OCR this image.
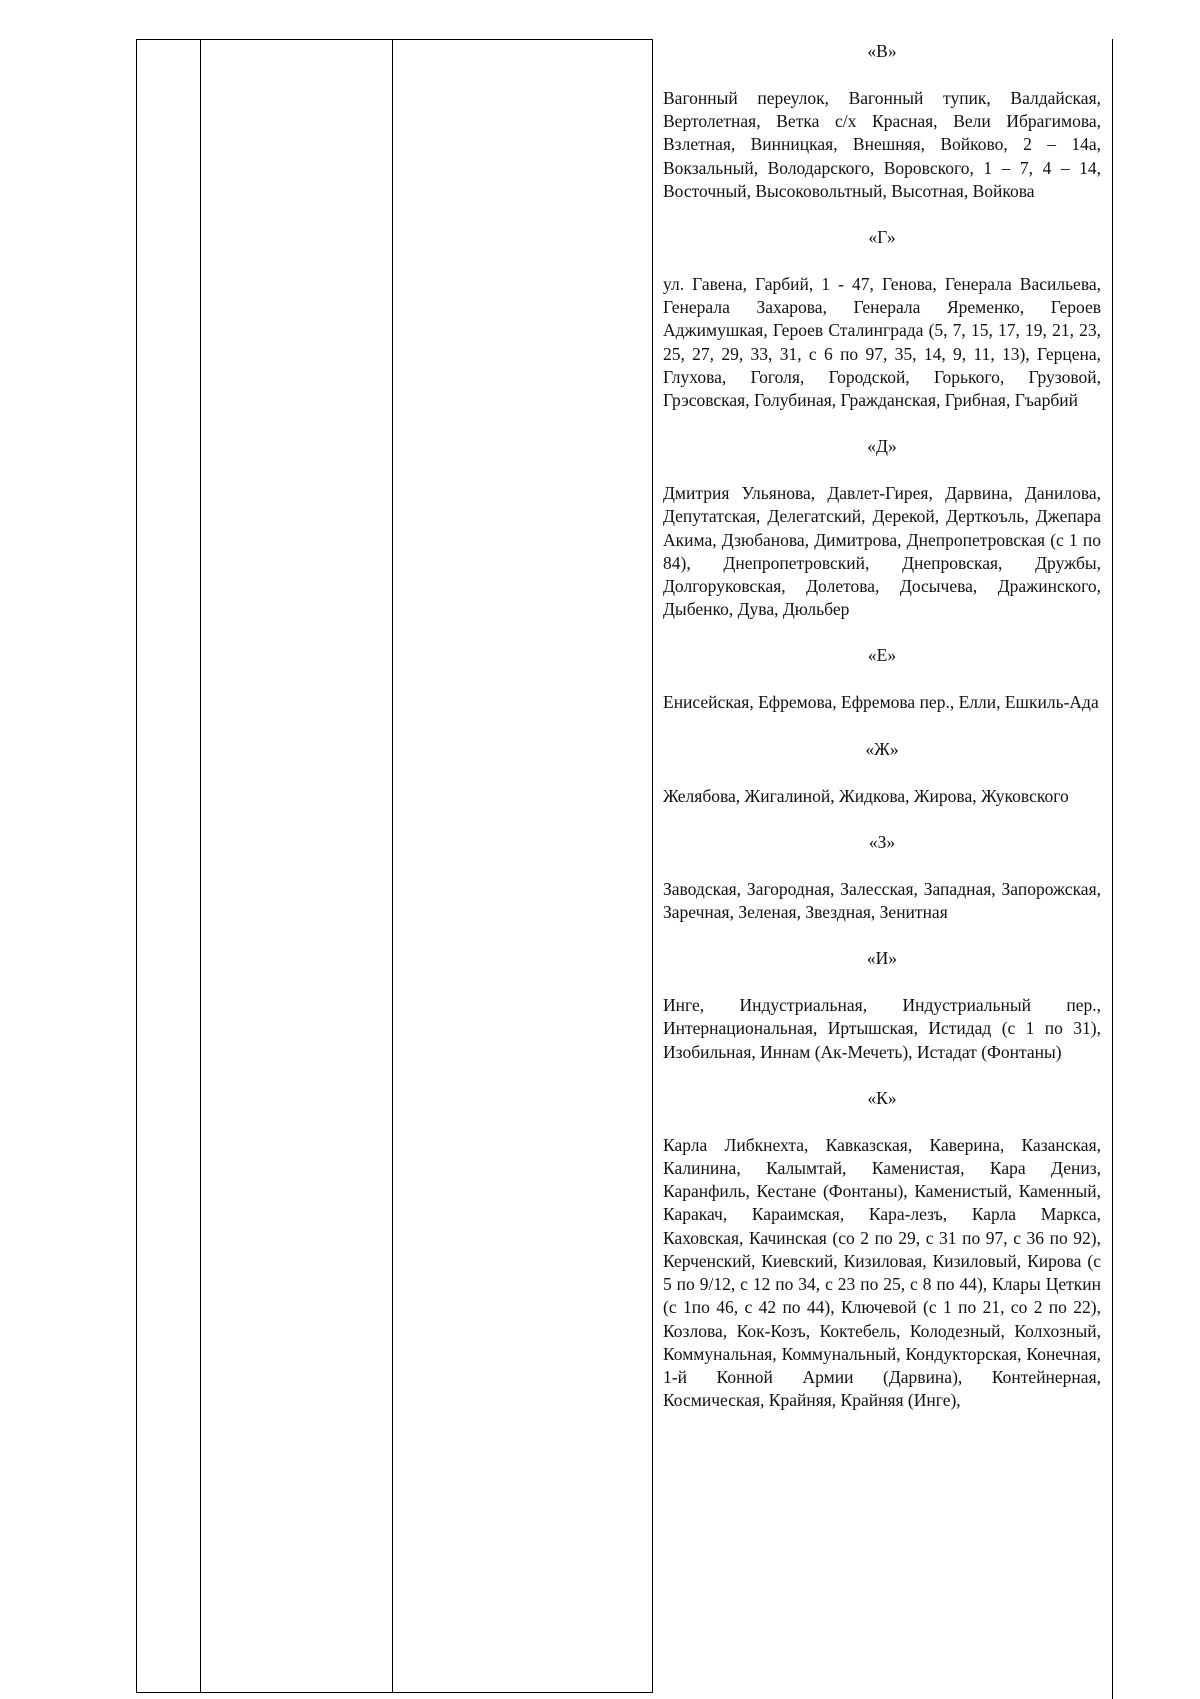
«В»

Вагонный переулок, Вагонный тупик, Валдайская, Вертолетная, Ветка с/х Красная, Вели Ибрагимова, Взлетная, Винницкая, Внешняя, Войково, 2 – 14а, Вокзальный, Володарского, Воровского, 1 – 7, 4 – 14, Восточный, Высоковольтный, Высотная, Войкова

«Г»

ул. Гавена, Гарбий, 1 - 47, Генова, Генерала Васильева, Генерала Захарова, Генерала Яременко, Героев Аджимушкая, Героев Сталинграда (5, 7, 15, 17, 19, 21, 23, 25, 27, 29, 33, 31, с 6 по 97, 35, 14, 9, 11, 13), Герцена, Глухова, Гоголя, Городской, Горького, Грузовой, Грэсовская, Голубиная, Гражданская, Грибная, Гъарбий

«Д»

Дмитрия Ульянова, Давлет-Гирея, Дарвина, Данилова, Депутатская, Делегатский, Дерекой, Дерткоъль, Джепара Акима, Дзюбанова, Димитрова, Днепропетровская (с 1 по 84), Днепропетровский, Днепровская, Дружбы, Долгоруковская, Долетова, Досычева, Дражинского, Дыбенко, Дува, Дюльбер

«Е»

Енисейская, Ефремова, Ефремова пер., Елли, Ешкиль-Ада

«Ж»

Желябова, Жигалиной, Жидкова, Жирова, Жуковского

«З»

Заводская, Загородная, Залесская, Западная, Запорожская, Заречная, Зеленая, Звездная, Зенитная

«И»

Инге, Индустриальная, Индустриальный пер., Интернациональная, Иртышская, Истидад (с 1 по 31), Изобильная, Иннам (Ак-Мечеть), Истадат (Фонтаны)

«К»

Карла Либкнехта, Кавказская, Каверина, Казанская, Калинина, Калымтай, Каменистая, Кара Дениз, Каранфиль, Кестане (Фонтаны), Каменистый, Каменный, Каракач, Караимская, Кара-лезъ, Карла Маркса, Каховская, Качинская (со 2 по 29, с 31 по 97, с 36 по 92), Керченский, Киевский, Кизиловая, Кизиловый, Кирова (с 5 по 9/12, с 12 по 34, с 23 по 25, с 8 по 44), Клары Цеткин (с 1по 46, с 42 по 44), Ключевой (с 1 по 21, со 2 по 22), Козлова, Кок-Козъ, Коктебель, Колодезный, Колхозный, Коммунальная, Коммунальный, Кондукторская, Конечная, 1-й Конной Армии (Дарвина), Контейнерная, Космическая, Крайняя, Крайняя (Инге),
